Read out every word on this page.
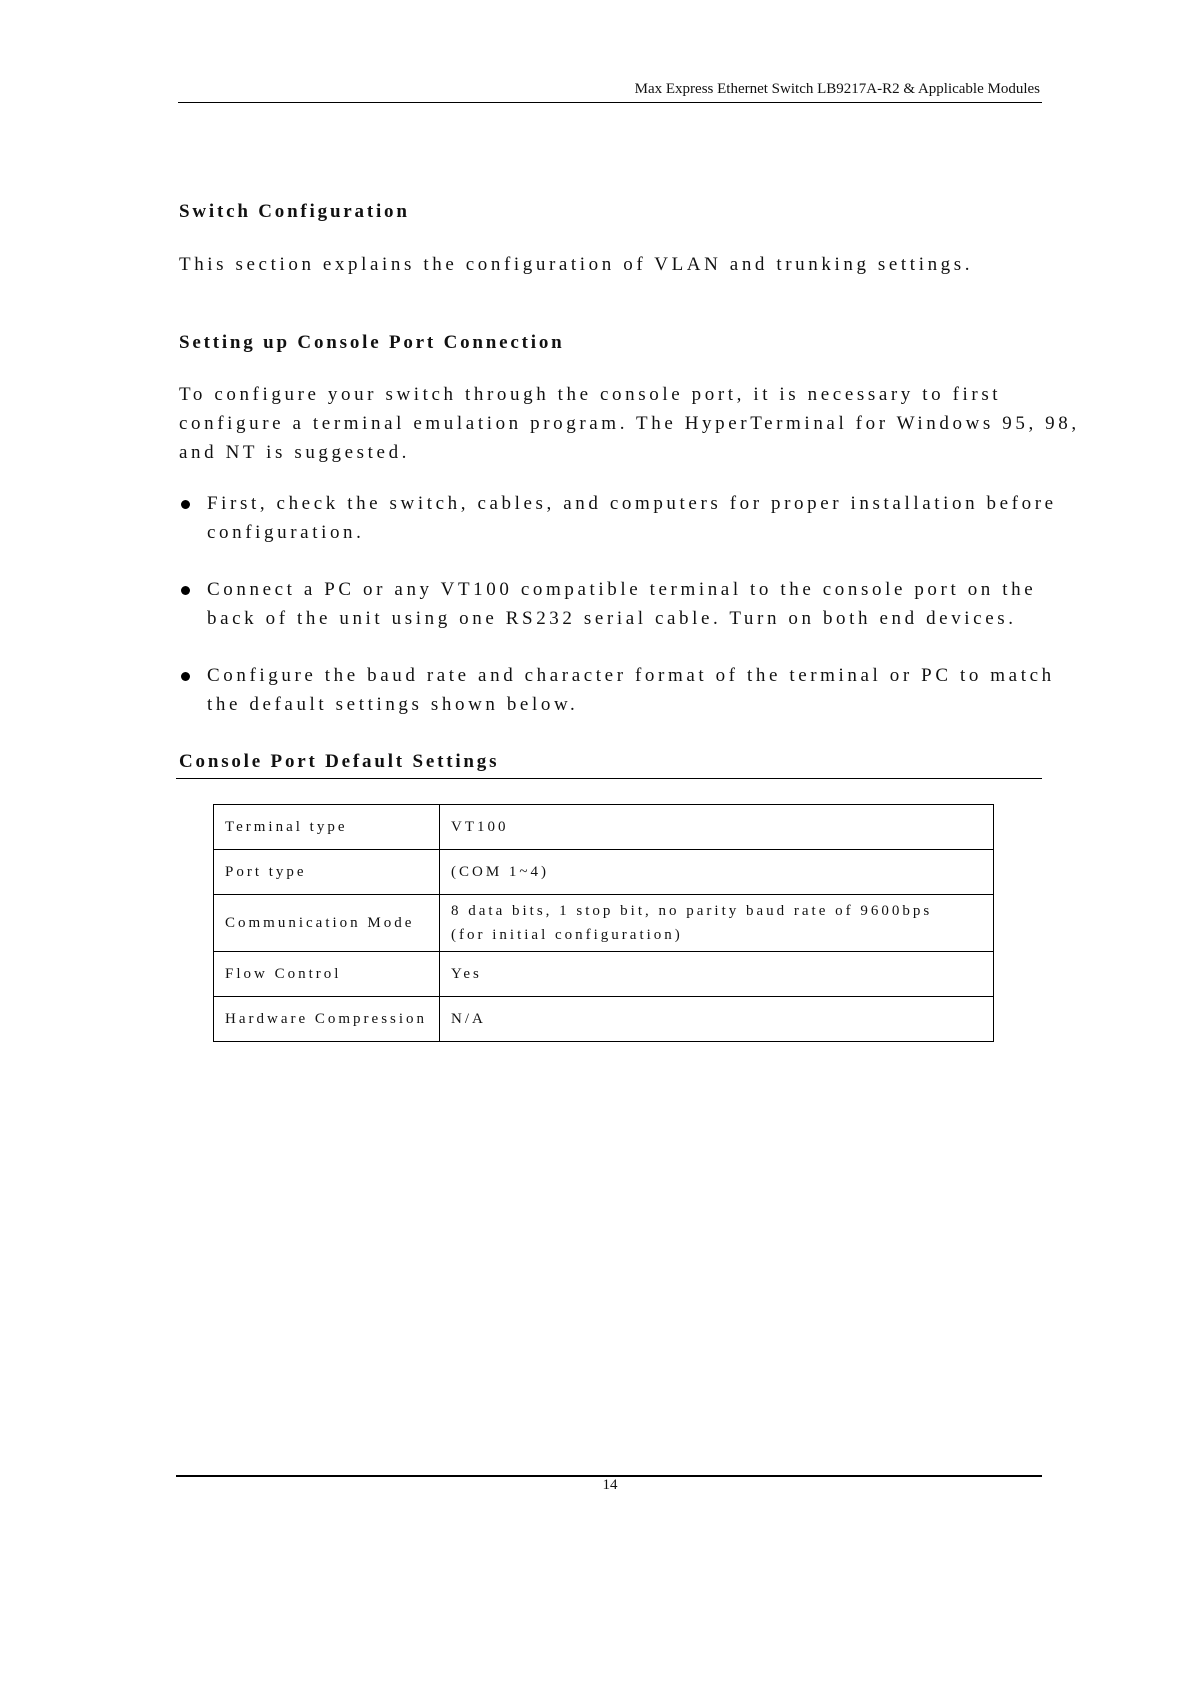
Max Express Ethernet Switch LB9217A-R2 & Applicable Modules
Switch Configuration
This section explains the configuration of VLAN and trunking settings.
Setting up Console Port Connection
To configure your switch through the console port, it is necessary to first
configure a terminal emulation program. The HyperTerminal for Windows 95, 98,
and NT is suggested.
First, check the switch, cables, and computers for proper installation before
configuration.
Connect a PC or any VT100 compatible terminal to the console port on the
back of the unit using one RS232 serial cable. Turn on both end devices.
Configure the baud rate and character format of the terminal or PC to match
the default settings shown below.
Console Port Default Settings
Terminal type	VT100

Port type	(COM 1~4)

Communication Mode	8 data bits, 1 stop bit, no parity baud rate of 9600bps
(for initial configuration)

Flow Control	Yes

Hardware Compression	N/A
14
